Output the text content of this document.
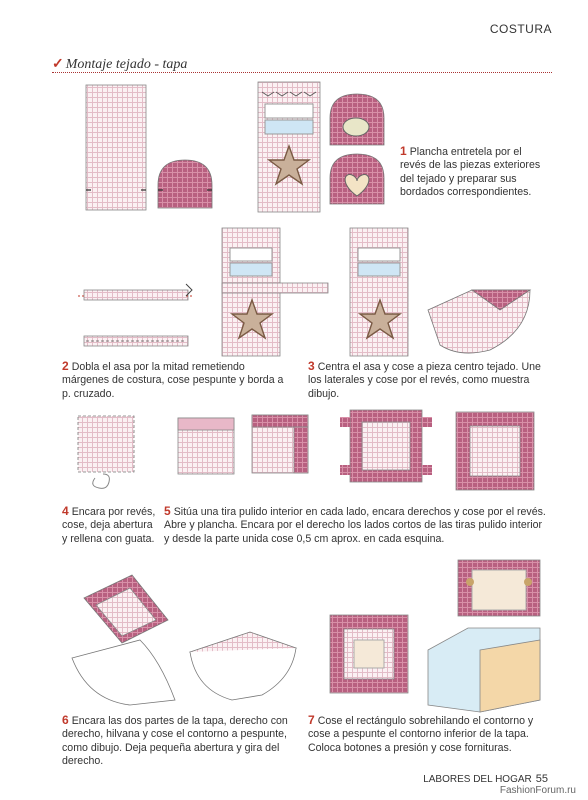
COSTURA
✓ Montaje tejado - tapa
1 Plancha entretela por el revés de las piezas exteriores del tejado y preparar sus bordados correspondientes.
2 Dobla el asa por la mitad remetiendo márgenes de costura, cose pespunte y borda a p. cruzado.
3 Centra el asa y cose a pieza centro tejado. Une los laterales y cose por el revés, como muestra dibujo.
4 Encara por revés, cose, deja abertura y rellena con guata.
5 Sitúa una tira pulido interior en cada lado, encara derechos y cose por el revés. Abre y plancha. Encara por el derecho los lados cortos de las tiras pulido interior y desde la parte unida cose 0,5 cm aprox. en cada esquina.
6 Encara las dos partes de la tapa, derecho con derecho, hilvana y cose el contorno a pespunte, como dibujo. Deja pequeña abertura y gira del derecho.
7 Cose el rectángulo sobrehilando el contorno y cose a pespunte el contorno inferior de la tapa. Coloca botones a presión y cose fornituras.
LABORES DEL HOGAR 55
FashionForum.ru
